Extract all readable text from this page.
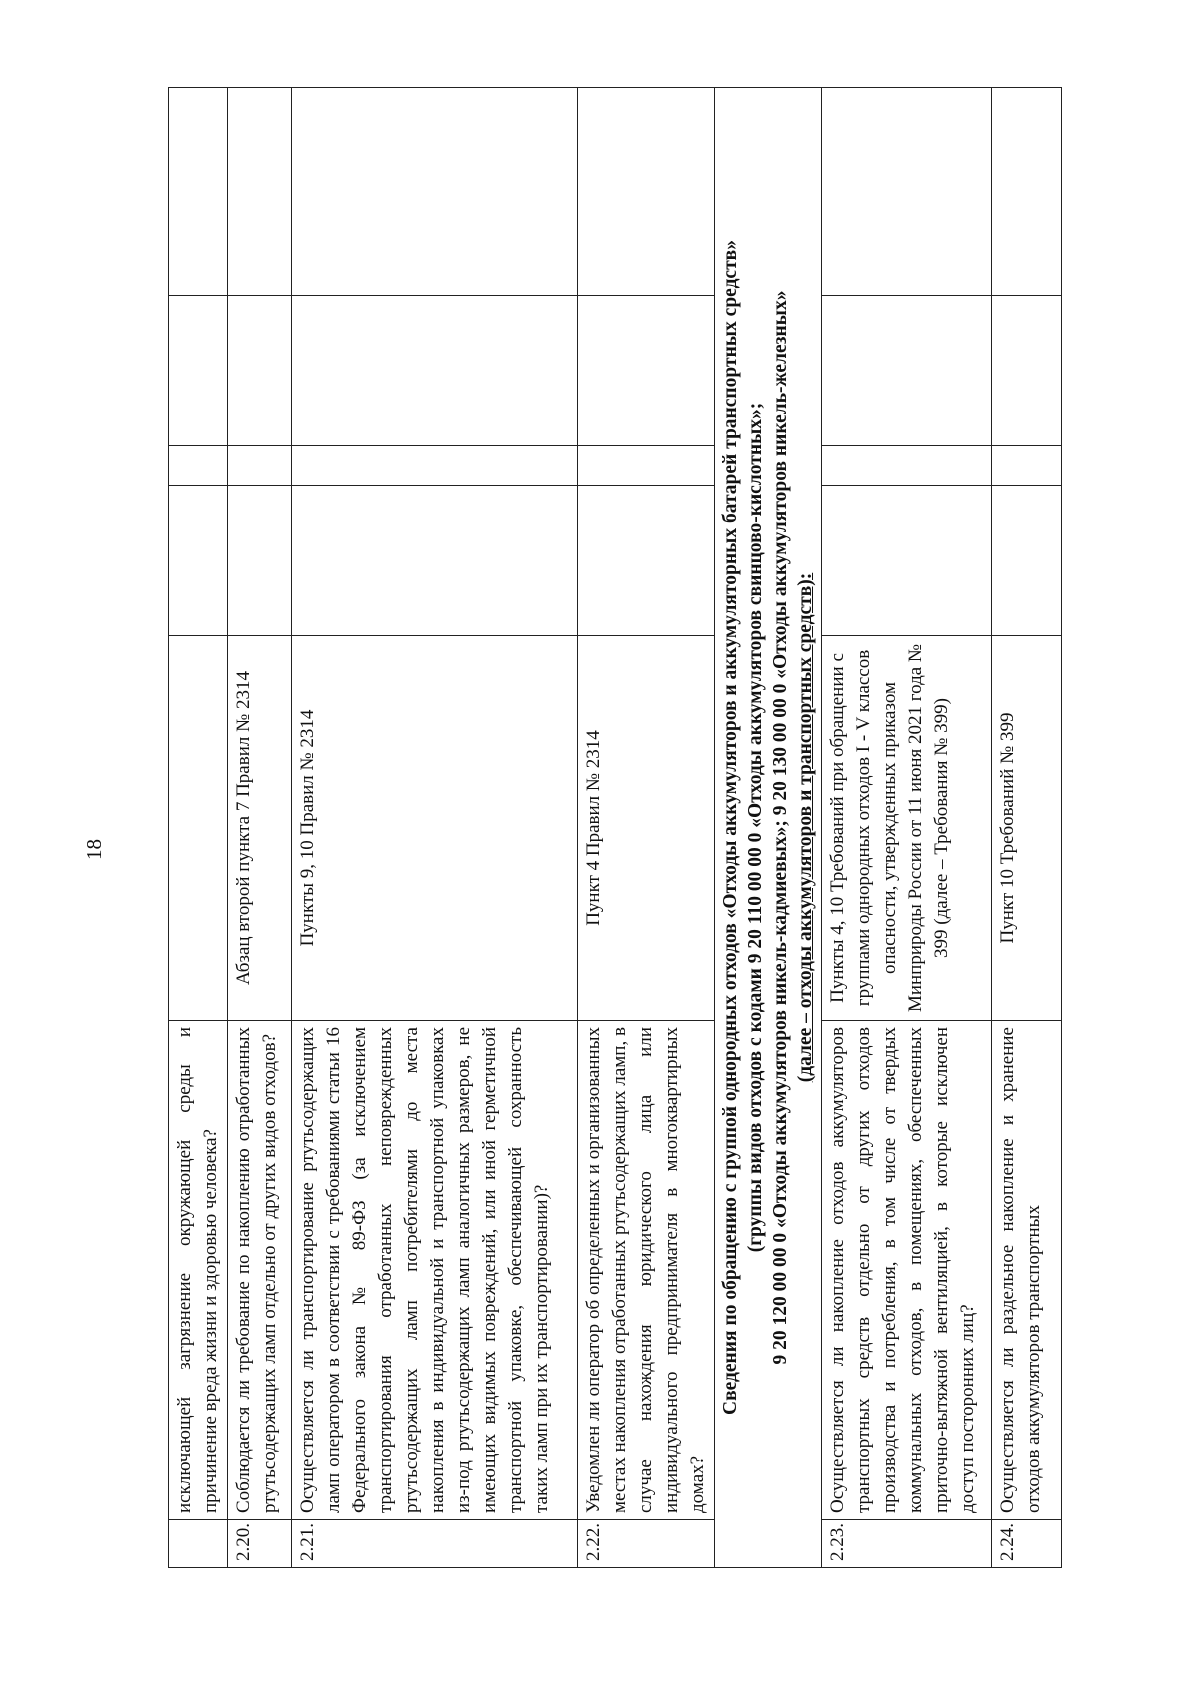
18
	исключающей загрязнение окружающей среды и причинение вреда жизни и здоровью человека?					
2.20.	Соблюдается ли требование по накоплению отработанных ртутьсодержащих ламп отдельно от других видов отходов?	Абзац второй пункта 7 Правил № 2314				
2.21.	Осуществляется ли транспортирование ртутьсодержащих ламп оператором в соответствии с требованиями статьи 16 Федерального закона № 89-ФЗ (за исключением транспортирования отработанных неповрежденных ртутьсодержащих ламп потребителями до места накопления в индивидуальной и транспортной упаковках из-под ртутьсодержащих ламп аналогичных размеров, не имеющих видимых повреждений, или иной герметичной транспортной упаковке, обеспечивающей сохранность таких ламп при их транспортировании)?	Пункты 9, 10 Правил № 2314				
2.22.	Уведомлен ли оператор об определенных и организованных местах накопления отработанных ртутьсодержащих ламп, в случае нахождения юридического лица или индивидуального предпринимателя в многоквартирных домах?	Пункт 4 Правил № 2314				

Сведения по обращению с группой однородных отходов «Отходы аккумуляторов и аккумуляторных батарей транспортных средств» (группы видов отходов с кодами 9 20 110 00 00 0 «Отходы аккумуляторов свинцово-кислотных»; 9 20 120 00 00 0 «Отходы аккумуляторов никель-кадмиевых»; 9 20 130 00 00 0 «Отходы аккумуляторов никель-железных» (далее – отходы аккумуляторов и транспортных средств):						

2.23.	Осуществляется ли накопление отходов аккумуляторов транспортных средств отдельно от других отходов производства и потребления, в том числе от твердых коммунальных отходов, в помещениях, обеспеченных приточно-вытяжной вентиляцией, в которые исключен доступ посторонних лиц?	Пункты 4, 10 Требований при обращении с группами однородных отходов I - V классов опасности, утвержденных приказом Минприроды России от 11 июня 2021 года № 399 (далее – Требования № 399)				
2.24.	Осуществляется ли раздельное накопление и хранение отходов аккумуляторов транспортных	Пункт 10 Требований № 399				
